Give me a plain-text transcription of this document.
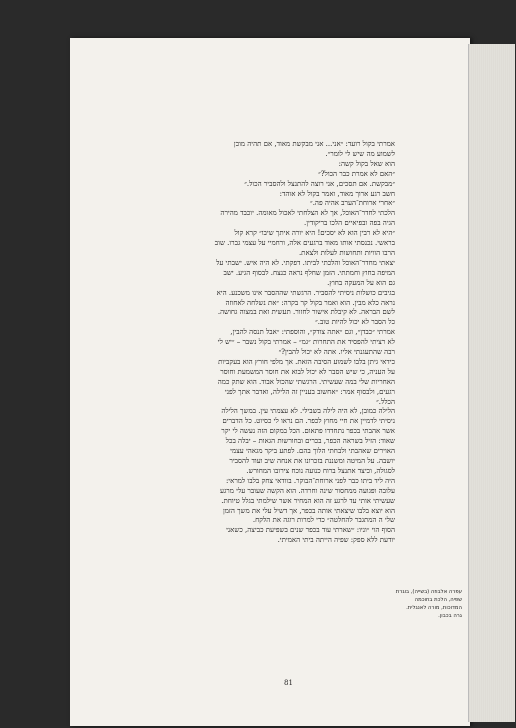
אמרתי בקול רועד: ״אני... אני מבקשת מאוד, אם תהיה מוכן
לשמוע מה שיש לי לומר״.
הוא שאל בקול קשה:
״האם לא אמרת כבר הכול?״
״מבקשת. אם תסכים, אני רוצה להתנצל ולהסביר הכול.״
חשב רגע ארוך מאוד, ואמר בקול לא אוהד:
״אחרי ארוחת־הערב אהיה פה.״
הלכתי לחדר־האוכל, אך לא הצלחתי לאכול מאומה. יוכבד מהירה
הגיה בפה ובפיאיים הלכו בריקודין.
״היא לא רבין הוא לא יסכים! היא יורה איתך שיבו״ קרא קול
בראשי. נכנסתי אותו מאוד ברגעים אלה, ורחמיי על עצמי גברו. שוב
הרבו הוויות ותחושות לעלות ולצאת.
יצאתי מחדר־האוכל והלכתי לביתו. דפקתי. לא היה איש. ישבתי על
המיפה בחוץ וחמתתי. הזמן שחלף נראה כנצח. לבסוף הגיע. ישב
גם הוא על המעקה בחוץ.
בגיבים כושלות ניסיתי להסביר. הרגשתי שההסבר אינו משכנע. היא
נראה כלא מבין. הוא ואמר בקול קר בקרה: ״את נשלחה לאחוזה
לשם הבראה. לא קיבלת אישור לחזור. תעשית זאת במצוה גחושה.
כל הסבר לא יכול להיות טוב.״
אמרתי ״כבדן״, וגם ״אתה צודק״, והוספתי: ״אבל תנסה להבין,
לא רציתי להפסיד את התחרות ״גמ״ – אמרתי בקול נשבר – ״יש לי
רבה שהתעגנתי אליו. אתה לא יכול להבין?״
כידאי גיתן בלבו לשמוע הסיבה הזאת. אך מלפי חורץ הוא בעקביות
על העניה, כי שיש הסבר לא יכול לבוא את חוסר המשמעת וחוסר
האחריות שלי במה שעשיתי. הרגשתי שהכול אבוד. הוא שתק כמה
רגעים, ולבסוף אמר: ״אחשוב בעניין זה הלילה, ואדבר אתך לפני
הכלל.״
הלילה כמובן, לא היה לילה בשבילי. לא עצמתי עין. במשך הלילה
ניסיתי לדמיין את חיי מחוץ לכפר. הם נראו לי כסיוט. כל הדברים
אשר אהבתי בכפר נתחדדו פתאום. הכל במקום הזה נעשה לי יקר
שאוד: הזיל בשראה הכפר, בכרים ובחורשות הגאות – יבלה בכל
האוירים שאהבתי ולבחתי הלוך בהם. לפתע ביקר מגאהי עצמי
יושבה. על המיטה ומשננת בזכרונו את אנחה שיב ועוד להסביר
לסגולה, וכיצד אתנצל ברוח כנועה נוכח צירובו המחורש.
היה ליד ביתו כבר לפני ארוחת־הבוקר. בוודאי צחק בלבו למראי:
עלובה ופגועה ממחסור שינה וחרדה. הוא הקשה שעובר עלי מרגע
שעשיתי אותי עד לרגע זה הוא המחיר אשר שילמתי בגלל טיוחת.
הוא יוצא בלבו שיצאתי אותה בכפר, אך דשיל עלי את משך הזמן
שלי ה המתגבר להחלטה״ כדי למרות רוגה את הלקח.
הסוף הוי ״וניו: ״שארתי עוד בכפר שנים בשפיעת כביצה, כשאני
יודעת ללא ספק: שפיה הייתה ביתי האמיתי.
עפרה אלבוזה (בשייה), בוגרת
שפיה, הלכת בחוכמה
המדוכות, מורה לאנגלית.
גרה בכבון.
81
